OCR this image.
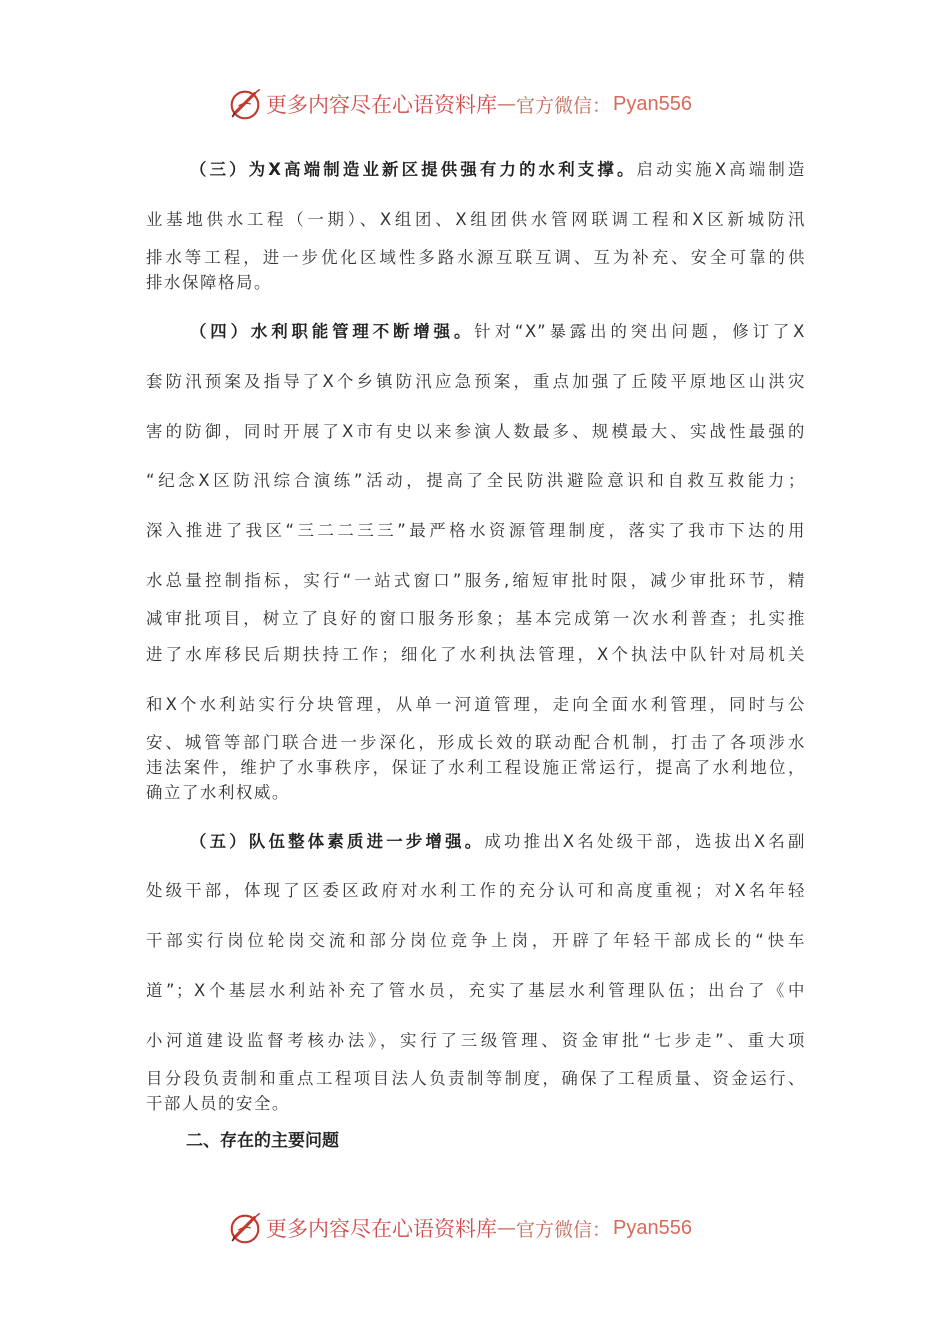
更多内容尽在心语资料库 — 官方微信： Pyan556
（三）为X高端制造业新区提供强有力的水利支撑。启动实施X高端制造
业基地供水工程（一期）、X组团、X组团供水管网联调工程和X区新城防汛
排水等工程，进一步优化区域性多路水源互联互调、互为补充、安全可靠的供
排水保障格局。
（四）水利职能管理不断增强。针对“X”暴露出的突出问题，修订了X
套防汛预案及指导了X个乡镇防汛应急预案，重点加强了丘陵平原地区山洪灾
害的防御，同时开展了X市有史以来参演人数最多、规模最大、实战性最强的
“纪念X区防汛综合演练”活动，提高了全民防洪避险意识和自救互救能力；
深入推进了我区“三二二三三”最严格水资源管理制度，落实了我市下达的用
水总量控制指标，实行“一站式窗口”服务,缩短审批时限，减少审批环节，精
减审批项目，树立了良好的窗口服务形象；基本完成第一次水利普查；扎实推
进了水库移民后期扶持工作；细化了水利执法管理，X个执法中队针对局机关
和X个水利站实行分块管理，从单一河道管理，走向全面水利管理，同时与公
安、城管等部门联合进一步深化，形成长效的联动配合机制，打击了各项涉水
违法案件，维护了水事秩序，保证了水利工程设施正常运行，提高了水利地位，
确立了水利权威。
（五）队伍整体素质进一步增强。成功推出X名处级干部，选拔出X名副
处级干部，体现了区委区政府对水利工作的充分认可和高度重视；对X名年轻
干部实行岗位轮岗交流和部分岗位竞争上岗，开辟了年轻干部成长的“快车
道”；X个基层水利站补充了管水员，充实了基层水利管理队伍；出台了《中
小河道建设监督考核办法》，实行了三级管理、资金审批“七步走”、重大项
目分段负责制和重点工程项目法人负责制等制度，确保了工程质量、资金运行、
干部人员的安全。
二、存在的主要问题
更多内容尽在心语资料库 — 官方微信： Pyan556
